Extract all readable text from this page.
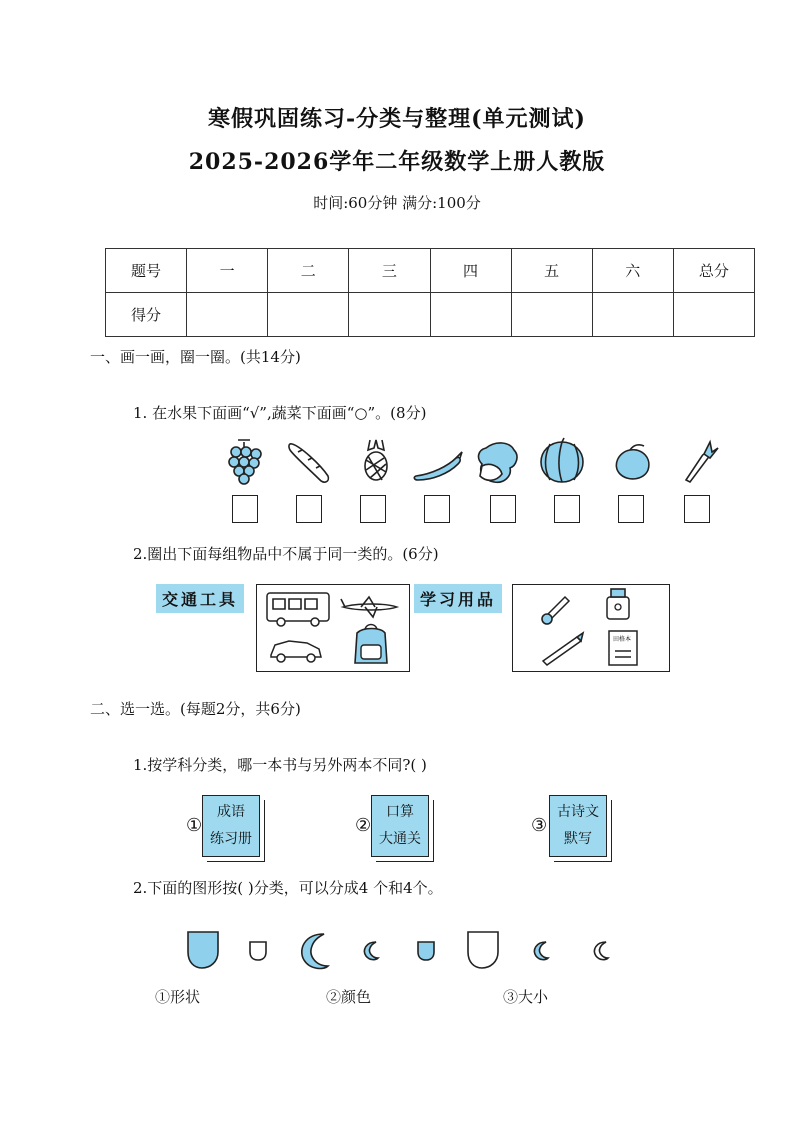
寒假巩固练习-分类与整理(单元测试)
2025-2026学年二年级数学上册人教版
时间:60分钟 满分:100分
题号	一	二	三	四	五	六	总分
得分							
一、画一画，圈一圈。(共14分)
1. 在水果下面画“√”,蔬菜下面画“○”。(8分)
2.圈出下面每组物品中不属于同一类的。(6分)
交通工具	学习用品
田格本
二、选一选。(每题2分，共6分)
1.按学科分类，哪一本书与另外两本不同?( )
①
成语
练习册
②
口算
大通关
③
古诗文
默写
2.下面的图形按( )分类，可以分成4 个和4个。
①形状	②颜色	③大小
